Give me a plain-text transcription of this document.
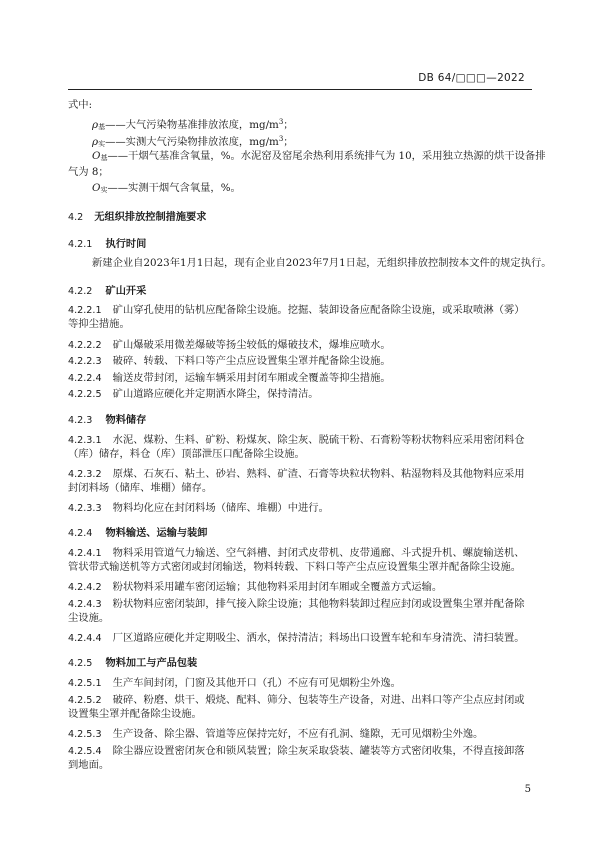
DB 64/□□□—2022
式中:
ρ基——大气污染物基准排放浓度，$mg/m^3$；
ρ实——实测大气污染物排放浓度，$mg/m^3$；
O基——干烟气基准含氧量，%。水泥窑及窑尾余热利用系统排气为 10，采用独立热源的烘干设备排
气为 8；
O实——实测干烟气含氧量，%。
4.2 无组织排放控制措施要求
4.2.1 执行时间
新建企业自2023年1月1日起，现有企业自2023年7月1日起，无组织排放控制按本文件的规定执行。
4.2.2 矿山开采
4.2.2.1 矿山穿孔使用的钻机应配备除尘设施。挖掘、装卸设备应配备除尘设施，或采取喷淋（雾）
等抑尘措施。
4.2.2.2 矿山爆破采用微差爆破等扬尘较低的爆破技术，爆堆应喷水。
4.2.2.3 破碎、转载、下料口等产尘点应设置集尘罩并配备除尘设施。
4.2.2.4 输送皮带封闭，运输车辆采用封闭车厢或全覆盖等抑尘措施。
4.2.2.5 矿山道路应硬化并定期洒水降尘，保持清洁。
4.2.3 物料储存
4.2.3.1 水泥、煤粉、生料、矿粉、粉煤灰、除尘灰、脱硫干粉、石膏粉等粉状物料应采用密闭料仓
（库）储存，料仓（库）顶部泄压口配备除尘设施。
4.2.3.2 原煤、石灰石、粘土、砂岩、熟料、矿渣、石膏等块粒状物料、粘湿物料及其他物料应采用
封闭料场（储库、堆棚）储存。
4.2.3.3 物料均化应在封闭料场（储库、堆棚）中进行。
4.2.4 物料输送、运输与装卸
4.2.4.1 物料采用管道气力输送、空气斜槽、封闭式皮带机、皮带通廊、斗式提升机、螺旋输送机、
管状带式输送机等方式密闭或封闭输送，物料转载、下料口等产尘点应设置集尘罩并配备除尘设施。
4.2.4.2 粉状物料采用罐车密闭运输；其他物料采用封闭车厢或全覆盖方式运输。
4.2.4.3 粉状物料应密闭装卸，排气接入除尘设施；其他物料装卸过程应封闭或设置集尘罩并配备除
尘设施。
4.2.4.4 厂区道路应硬化并定期吸尘、洒水，保持清洁；料场出口设置车轮和车身清洗、清扫装置。
4.2.5 物料加工与产品包装
4.2.5.1 生产车间封闭，门窗及其他开口（孔）不应有可见烟粉尘外逸。
4.2.5.2 破碎、粉磨、烘干、煅烧、配料、筛分、包装等生产设备，对进、出料口等产尘点应封闭或
设置集尘罩并配备除尘设施。
4.2.5.3 生产设备、除尘器、管道等应保持完好，不应有孔洞、缝隙，无可见烟粉尘外逸。
4.2.5.4 除尘器应设置密闭灰仓和锁风装置；除尘灰采取袋装、罐装等方式密闭收集，不得直接卸落
到地面。
5
